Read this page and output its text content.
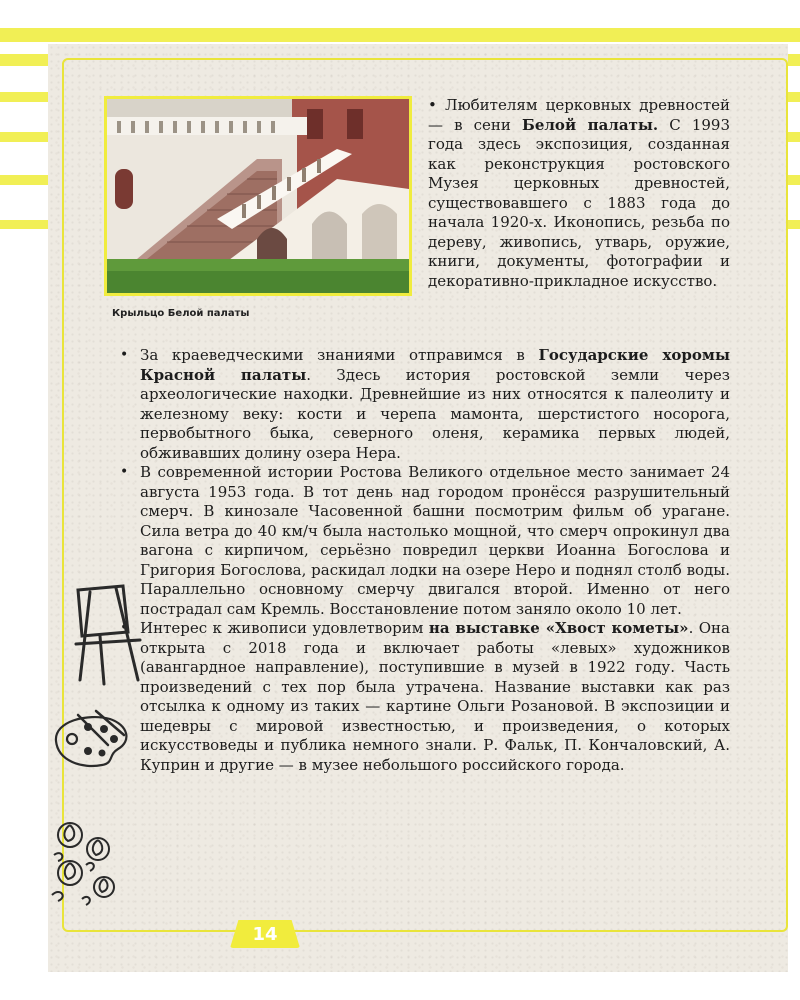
Крыльцо Белой палаты
• Любителям церковных древностей — в сени Белой палаты. С 1993 года здесь экспозиция, созданная как реконструкция ростовского Музея церковных древностей, существовавшего с 1883 года до начала 1920-х. Иконопись, резьба по дереву, живопись, утварь, оружие, книги, документы, фотографии и декоративно-прикладное искусство.

• За краеведческими знаниями отправимся в Государские хоромы Красной палаты. Здесь история ростовской земли через археологические находки. Древнейшие из них относятся к палеолиту и железному веку: кости и черепа мамонта, шерстистого носорога, первобытного быка, северного оленя, керамика первых людей, обживавших долину озера Нера.

• В современной истории Ростова Великого отдельное место занимает 24 августа 1953 года. В тот день над городом пронёсся разрушительный смерч. В кинозале Часовенной башни посмотрим фильм об урагане. Сила ветра до 40 км/ч была настолько мощной, что смерч опрокинул два вагона с кирпичом, серьёзно повредил церкви Иоанна Богослова и Григория Богослова, раскидал лодки на озере Неро и поднял столб воды. Параллельно основному смерчу двигался второй. Именно от него пострадал сам Кремль. Восстановление потом заняло около 10 лет.

• Интерес к живописи удовлетворим на выставке «Хвост кометы». Она открыта с 2018 года и включает работы «левых» художников (авангардное направление), поступившие в музей в 1922 году. Часть произведений с тех пор была утрачена. Название выставки как раз отсылка к одному из таких — картине Ольги Розановой. В экспозиции и шедевры с мировой известностью, и произведения, о которых искусствоведы и публика немного знали. Р. Фальк, П. Кончаловский, А. Куприн и другие — в музее небольшого российского города.

14
